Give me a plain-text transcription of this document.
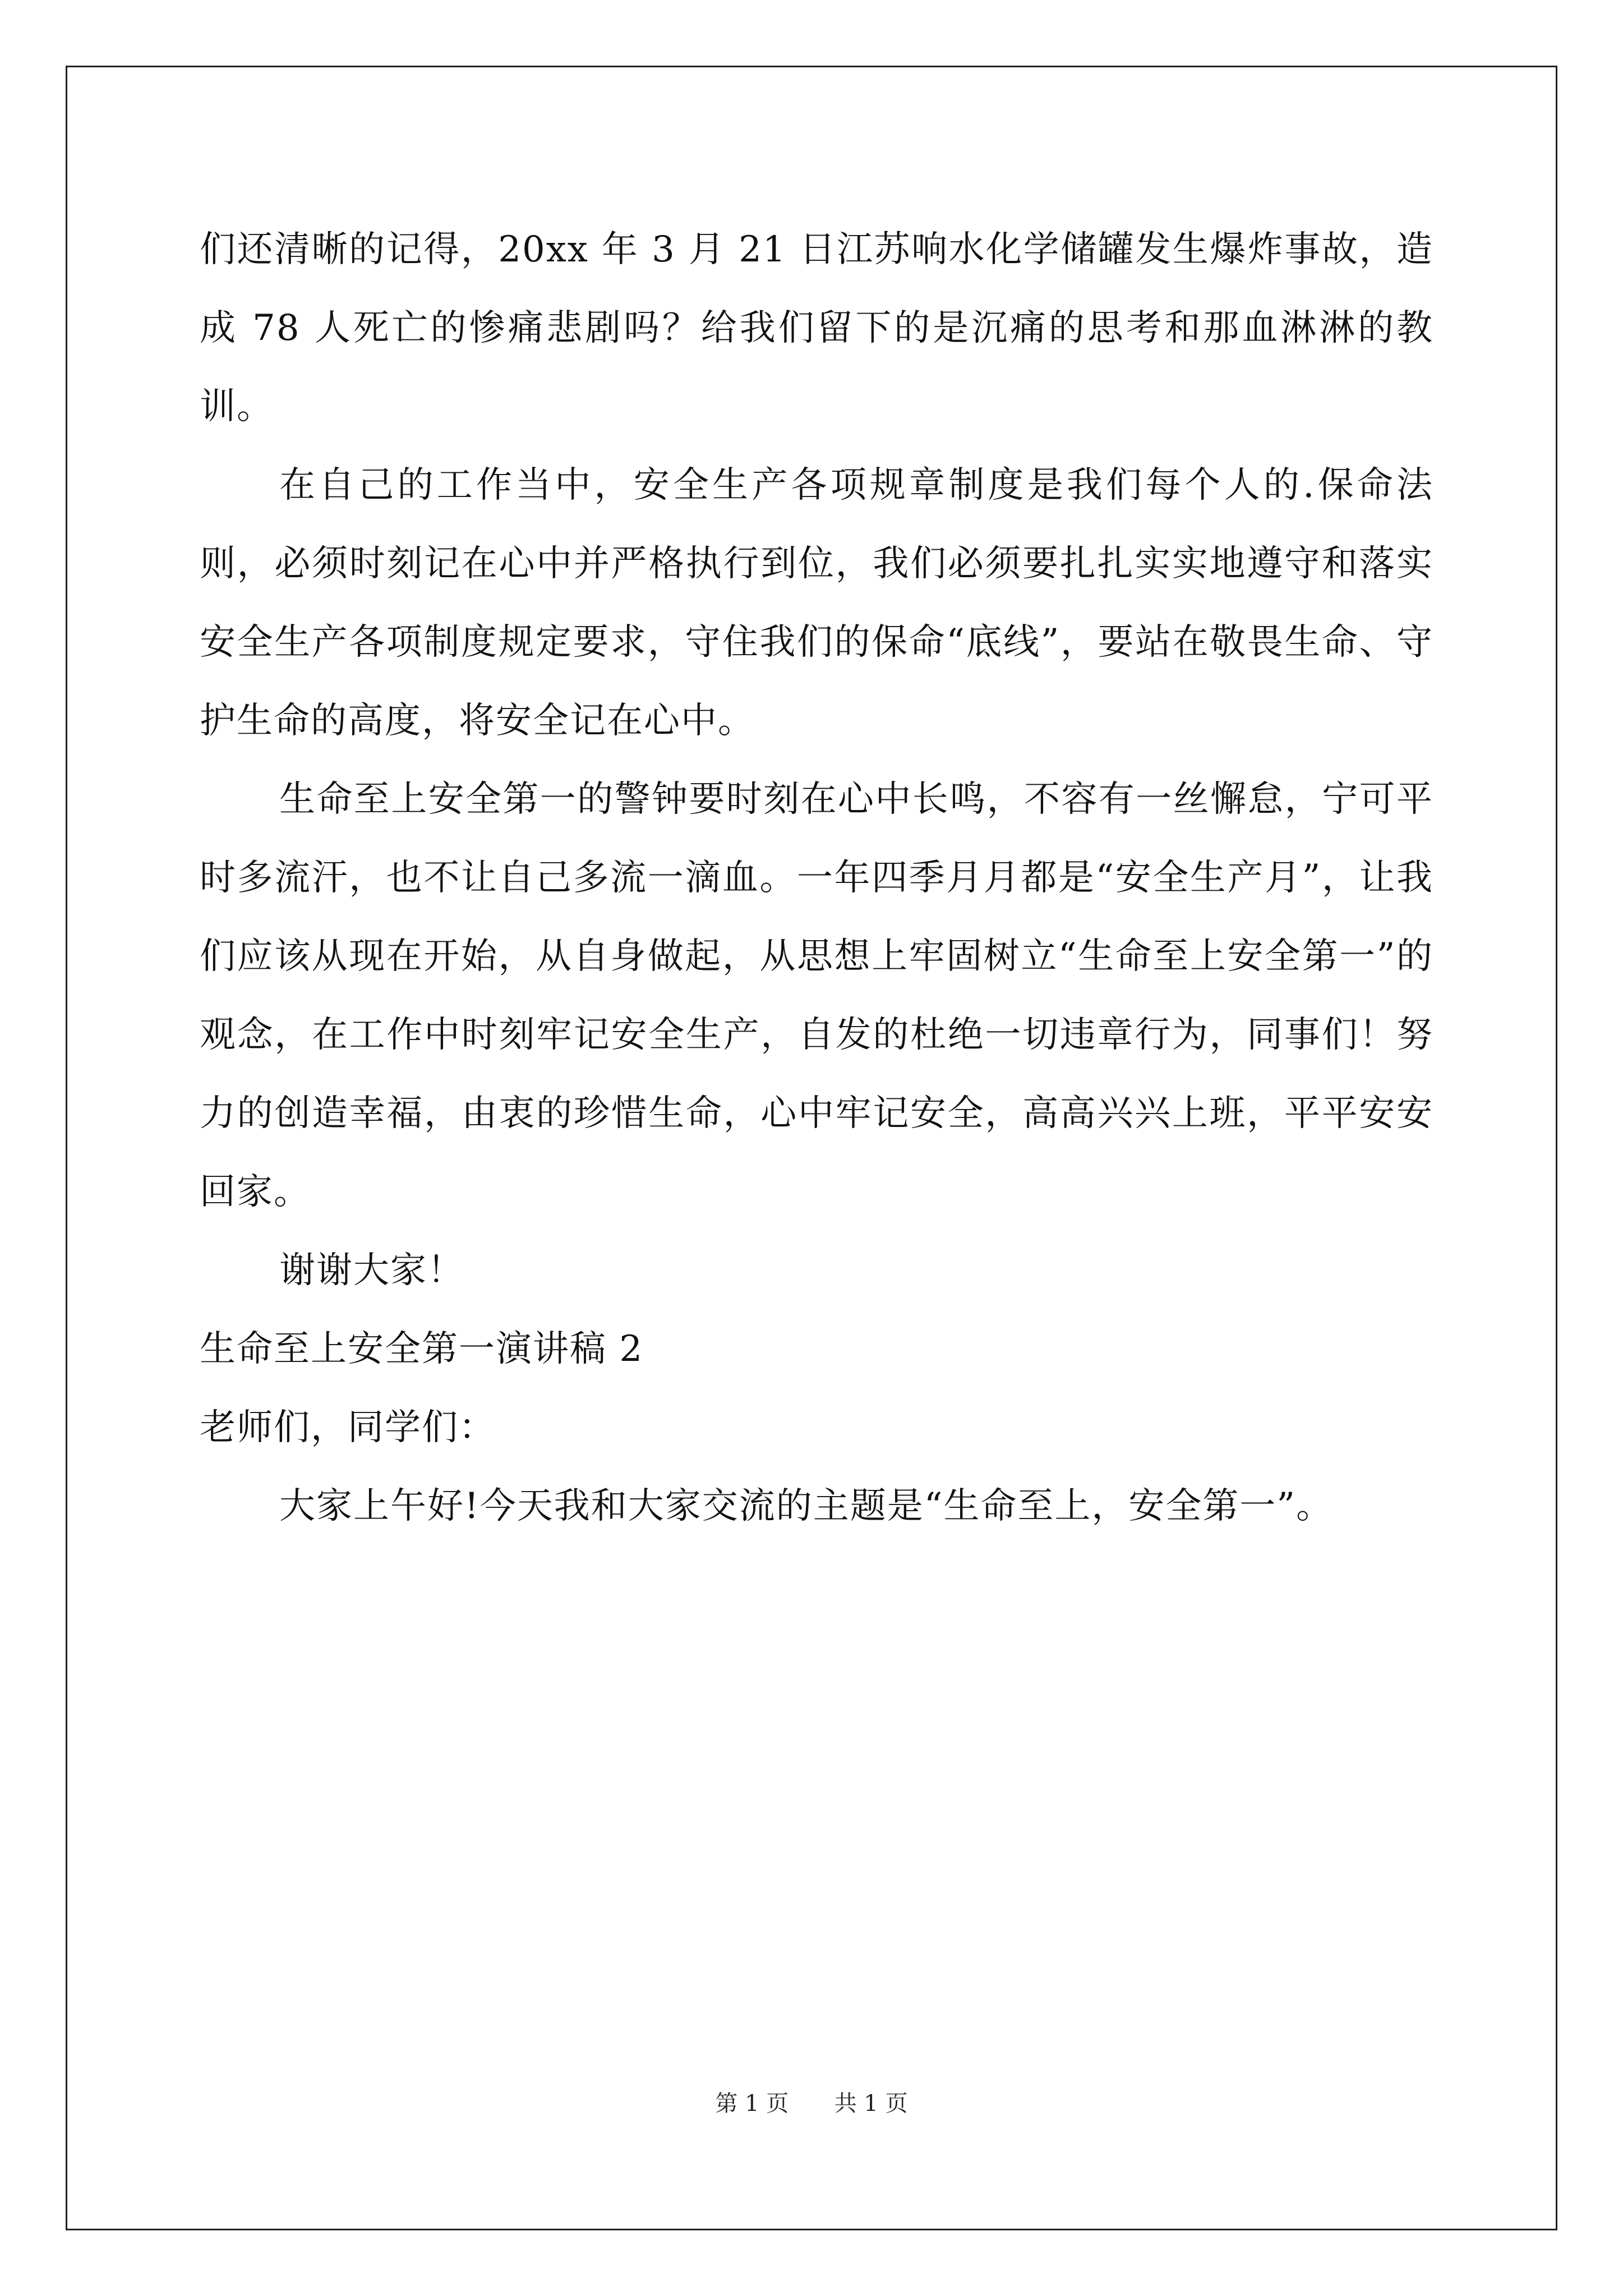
们还清晰的记得，20xx 年 3 月 21 日江苏响水化学储罐发生爆炸事故，造成 78 人死亡的惨痛悲剧吗？给我们留下的是沉痛的思考和那血淋淋的教训。

在自己的工作当中，安全生产各项规章制度是我们每个人的.保命法则，必须时刻记在心中并严格执行到位，我们必须要扎扎实实地遵守和落实安全生产各项制度规定要求，守住我们的保命“底线”，要站在敬畏生命、守护生命的高度，将安全记在心中。

生命至上安全第一的警钟要时刻在心中长鸣，不容有一丝懈怠，宁可平时多流汗，也不让自己多流一滴血。一年四季月月都是“安全生产月”，让我们应该从现在开始，从自身做起，从思想上牢固树立“生命至上安全第一”的观念，在工作中时刻牢记安全生产，自发的杜绝一切违章行为，同事们！努力的创造幸福，由衷的珍惜生命，心中牢记安全，高高兴兴上班，平平安安回家。

谢谢大家！

生命至上安全第一演讲稿 2

老师们，同学们：

大家上午好!今天我和大家交流的主题是“生命至上，安全第一”。

第 1 页 共 1 页
